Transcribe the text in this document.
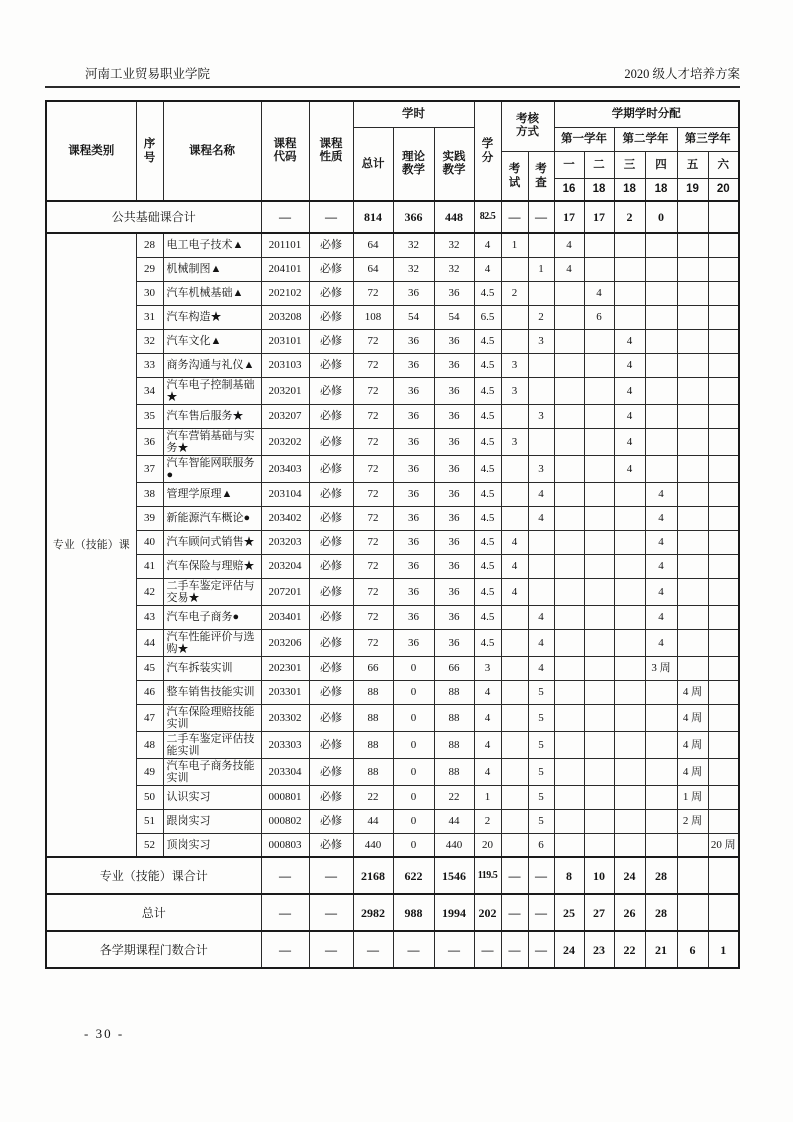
河南工业贸易职业学院	2020 级人才培养方案
课程类别	序号	课程名称	课程代码	课程性质	学时			学分	考核方式		学期学时分配					
					总计	理论教学	实践教学				第一学年		第二学年		第三学年	

									考试	考查	一	二	三	四	五	六
											16	18	18	18	19	20
公共基础课合计			—	—	814	366	448	82.5	—	—	17	17	2	0		
专业（技能）课	28	电工电子技术▲	201101	必修	64	32	32	4	1		4					
	29	机械制图▲	204101	必修	64	32	32	4		1	4					
	30	汽车机械基础▲	202102	必修	72	36	36	4.5	2			4				
	31	汽车构造★	203208	必修	108	54	54	6.5		2		6				
	32	汽车文化▲	203101	必修	72	36	36	4.5		3			4			
	33	商务沟通与礼仪▲	203103	必修	72	36	36	4.5	3				4			
	34	汽车电子控制基础★	203201	必修	72	36	36	4.5	3				4			
	35	汽车售后服务★	203207	必修	72	36	36	4.5		3			4			
	36	汽车营销基础与实务★	203202	必修	72	36	36	4.5	3				4			
	37	汽车智能网联服务●	203403	必修	72	36	36	4.5		3			4			
	38	管理学原理▲	203104	必修	72	36	36	4.5		4				4		
	39	新能源汽车概论●	203402	必修	72	36	36	4.5		4				4		
	40	汽车顾问式销售★	203203	必修	72	36	36	4.5	4					4		
	41	汽车保险与理赔★	203204	必修	72	36	36	4.5	4					4		
	42	二手车鉴定评估与交易★	207201	必修	72	36	36	4.5	4					4		
	43	汽车电子商务●	203401	必修	72	36	36	4.5		4				4		
	44	汽车性能评价与选购★	203206	必修	72	36	36	4.5		4				4		
	45	汽车拆装实训	202301	必修	66	0	66	3		4				3 周		
	46	整车销售技能实训	203301	必修	88	0	88	4		5					4 周	
	47	汽车保险理赔技能实训	203302	必修	88	0	88	4		5					4 周	
	48	二手车鉴定评估技能实训	203303	必修	88	0	88	4		5					4 周	
	49	汽车电子商务技能实训	203304	必修	88	0	88	4		5					4 周	
	50	认识实习	000801	必修	22	0	22	1		5					1 周	
	51	跟岗实习	000802	必修	44	0	44	2		5					2 周	
	52	顶岗实习	000803	必修	440	0	440	20		6						20 周
专业（技能）课合计			—	—	2168	622	1546	119.5	—	—	8	10	24	28		
总计			—	—	2982	988	1994	202	—	—	25	27	26	28		
各学期课程门数合计			—	—	—	—	—	—	—	—	24	23	22	21	6	1
- 30 -
